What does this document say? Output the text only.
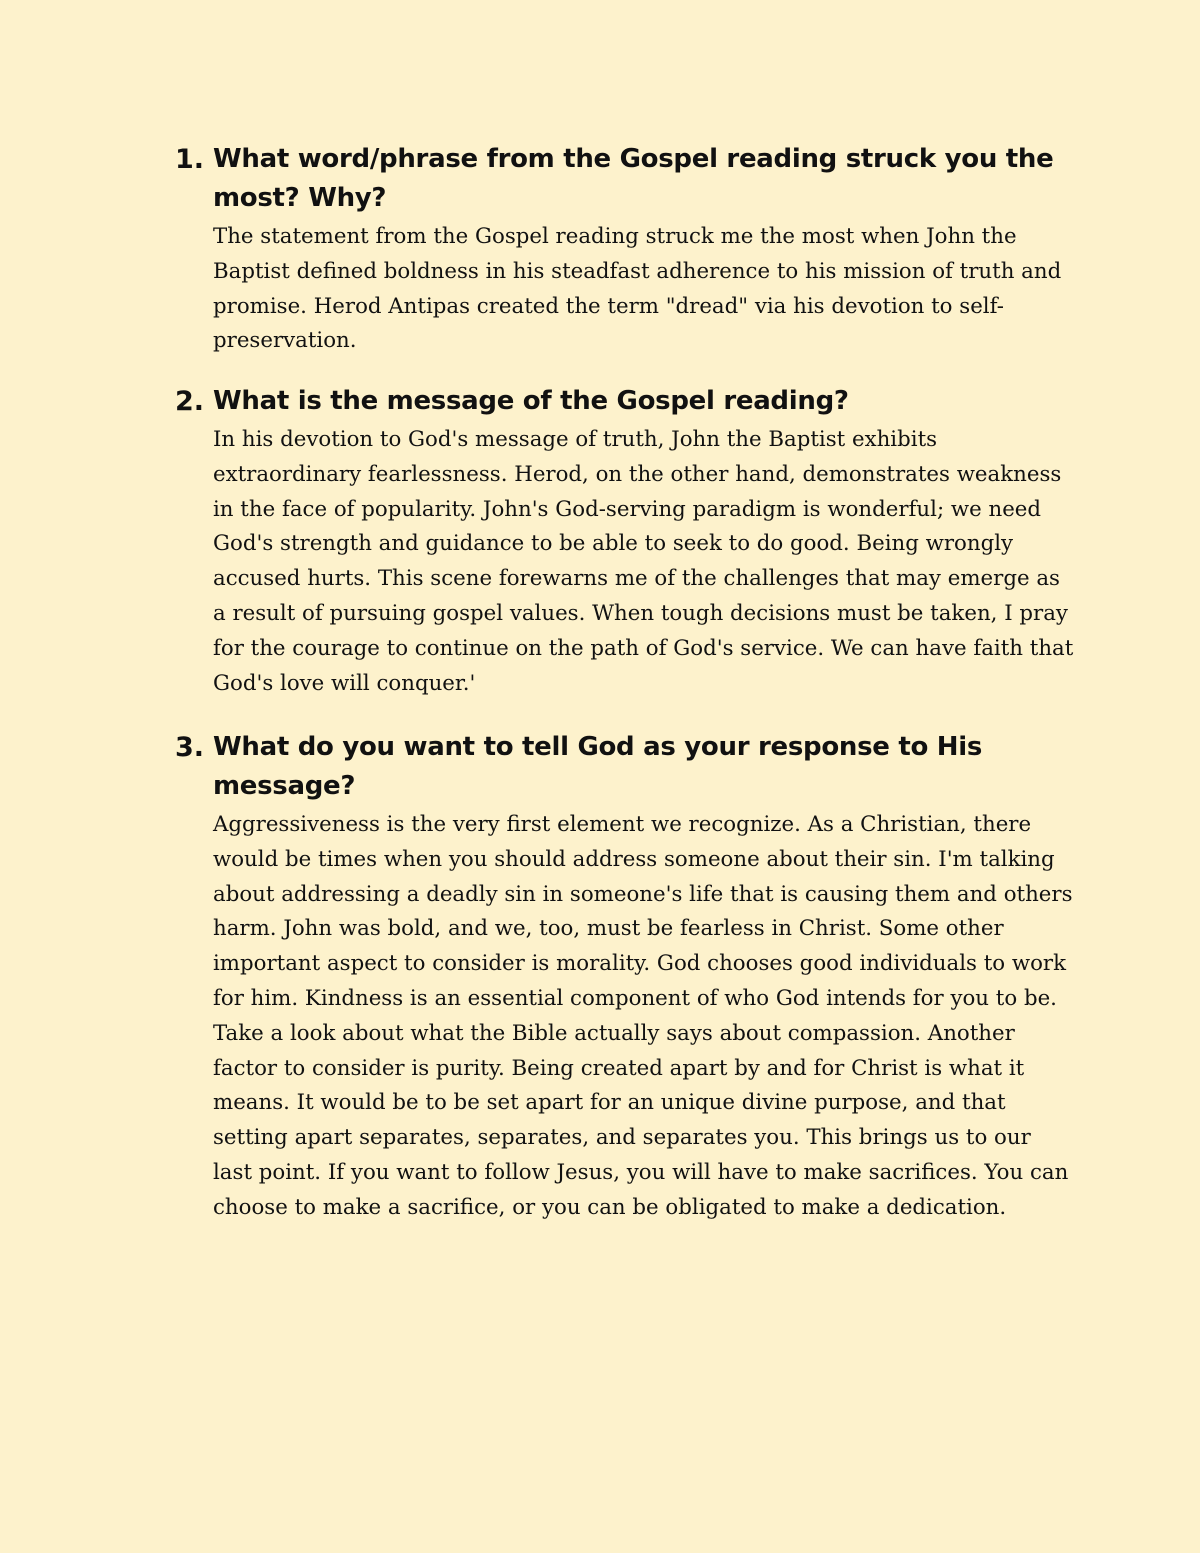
1. What word/phrase from the Gospel reading struck you the most? Why?

The statement from the Gospel reading struck me the most when John the Baptist defined boldness in his steadfast adherence to his mission of truth and promise. Herod Antipas created the term "dread" via his devotion to self-preservation.

2. What is the message of the Gospel reading?

In his devotion to God's message of truth, John the Baptist exhibits extraordinary fearlessness. Herod, on the other hand, demonstrates weakness in the face of popularity. John's God-serving paradigm is wonderful; we need God's strength and guidance to be able to seek to do good. Being wrongly accused hurts. This scene forewarns me of the challenges that may emerge as a result of pursuing gospel values. When tough decisions must be taken, I pray for the courage to continue on the path of God's service. We can have faith that God's love will conquer.'

3. What do you want to tell God as your response to His message?

Aggressiveness is the very first element we recognize. As a Christian, there would be times when you should address someone about their sin. I'm talking about addressing a deadly sin in someone's life that is causing them and others harm. John was bold, and we, too, must be fearless in Christ. Some other important aspect to consider is morality. God chooses good individuals to work for him. Kindness is an essential component of who God intends for you to be. Take a look about what the Bible actually says about compassion. Another factor to consider is purity. Being created apart by and for Christ is what it means. It would be to be set apart for an unique divine purpose, and that setting apart separates, separates, and separates you. This brings us to our last point. If you want to follow Jesus, you will have to make sacrifices. You can choose to make a sacrifice, or you can be obligated to make a dedication.
